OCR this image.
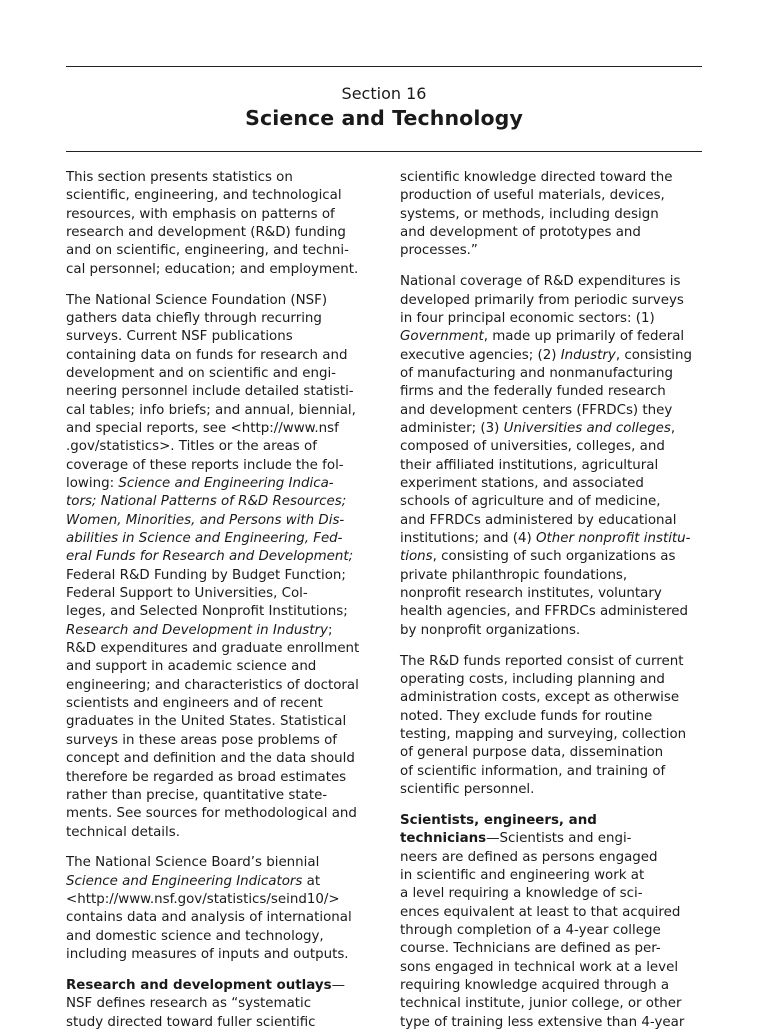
Section 16
Science and Technology
This section presents statistics on
scientific, engineering, and technological
resources, with emphasis on patterns of
research and development (R&D) funding
and on scientific, engineering, and techni-
cal personnel; education; and employment.
The National Science Foundation (NSF)
gathers data chiefly through recurring
surveys. Current NSF publications
containing data on funds for research and
development and on scientific and engi-
neering personnel include detailed statisti-
cal tables; info briefs; and annual, biennial,
and special reports, see <http://www.nsf
.gov/statistics>. Titles or the areas of
coverage of these reports include the fol-
lowing: Science and Engineering Indica-
tors; National Patterns of R&D Resources;
Women, Minorities, and Persons with Dis-
abilities in Science and Engineering, Fed-
eral Funds for Research and Development;
Federal R&D Funding by Budget Function;
Federal Support to Universities, Col-
leges, and Selected Nonprofit Institutions;
Research and Development in Industry;
R&D expenditures and graduate enrollment
and support in academic science and
engineering; and characteristics of doctoral
scientists and engineers and of recent
graduates in the United States. Statistical
surveys in these areas pose problems of
concept and definition and the data should
therefore be regarded as broad estimates
rather than precise, quantitative state-
ments. See sources for methodological and
technical details.
The National Science Board’s biennial
Science and Engineering Indicators at
<http://www.nsf.gov/statistics/seind10/>
contains data and analysis of international
and domestic science and technology,
including measures of inputs and outputs.
Research and development outlays—
NSF defines research as “systematic
study directed toward fuller scientific
scientific knowledge directed toward the
production of useful materials, devices,
systems, or methods, including design
and development of prototypes and
processes.”
National coverage of R&D expenditures is
developed primarily from periodic surveys
in four principal economic sectors: (1)
Government, made up primarily of federal
executive agencies; (2) Industry, consisting
of manufacturing and nonmanufacturing
firms and the federally funded research
and development centers (FFRDCs) they
administer; (3) Universities and colleges,
composed of universities, colleges, and
their affiliated institutions, agricultural
experiment stations, and associated
schools of agriculture and of medicine,
and FFRDCs administered by educational
institutions; and (4) Other nonprofit institu-
tions, consisting of such organizations as
private philanthropic foundations,
nonprofit research institutes, voluntary
health agencies, and FFRDCs administered
by nonprofit organizations.
The R&D funds reported consist of current
operating costs, including planning and
administration costs, except as otherwise
noted. They exclude funds for routine
testing, mapping and surveying, collection
of general purpose data, dissemination
of scientific information, and training of
scientific personnel.
Scientists, engineers, and
technicians—Scientists and engi-
neers are defined as persons engaged
in scientific and engineering work at
a level requiring a knowledge of sci-
ences equivalent at least to that acquired
through completion of a 4-year college
course. Technicians are defined as per-
sons engaged in technical work at a level
requiring knowledge acquired through a
technical institute, junior college, or other
type of training less extensive than 4-year
